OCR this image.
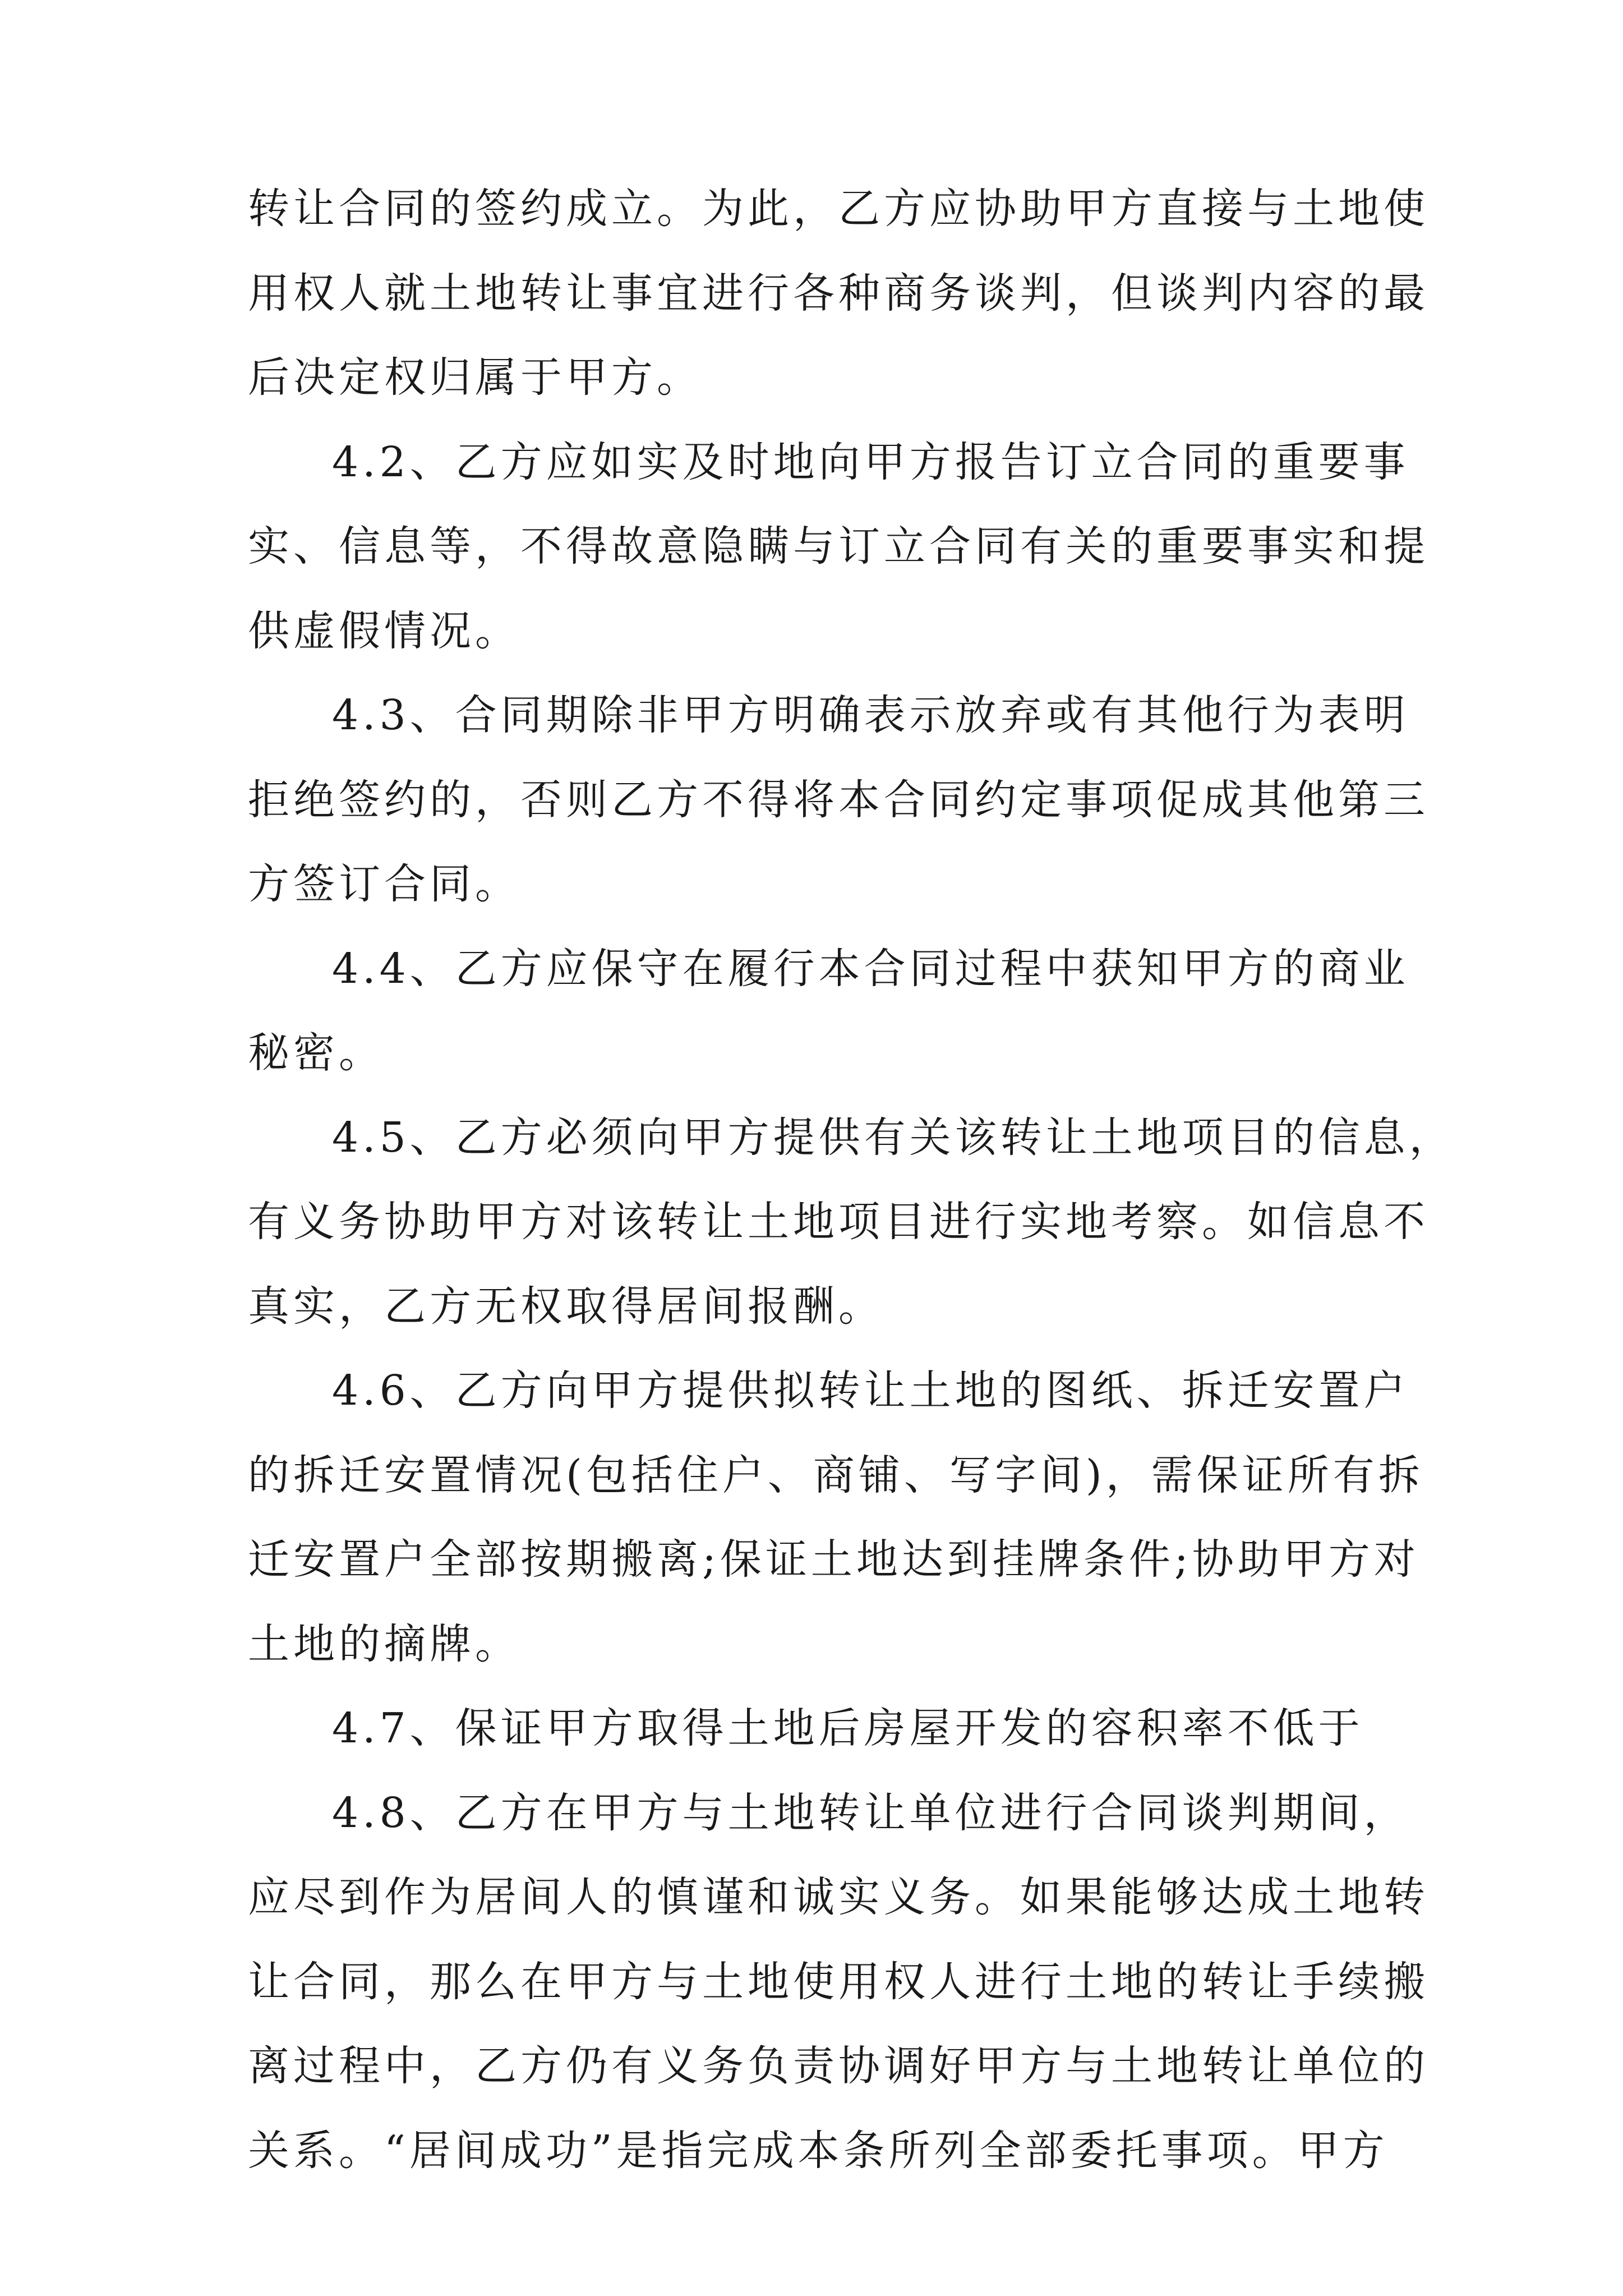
转让合同的签约成立。为此，乙方应协助甲方直接与土地使
用权人就土地转让事宜进行各种商务谈判，但谈判内容的最
后决定权归属于甲方。
4.2、乙方应如实及时地向甲方报告订立合同的重要事
实、信息等，不得故意隐瞒与订立合同有关的重要事实和提
供虚假情况。
4.3、合同期除非甲方明确表示放弃或有其他行为表明
拒绝签约的，否则乙方不得将本合同约定事项促成其他第三
方签订合同。
4.4、乙方应保守在履行本合同过程中获知甲方的商业
秘密。
4.5、乙方必须向甲方提供有关该转让土地项目的信息，
有义务协助甲方对该转让土地项目进行实地考察。如信息不
真实，乙方无权取得居间报酬。
4.6、乙方向甲方提供拟转让土地的图纸、拆迁安置户
的拆迁安置情况(包括住户、商铺、写字间)，需保证所有拆
迁安置户全部按期搬离;保证土地达到挂牌条件;协助甲方对
土地的摘牌。
4.7、保证甲方取得土地后房屋开发的容积率不低于
4.8、乙方在甲方与土地转让单位进行合同谈判期间，
应尽到作为居间人的慎谨和诚实义务。如果能够达成土地转
让合同，那么在甲方与土地使用权人进行土地的转让手续搬
离过程中，乙方仍有义务负责协调好甲方与土地转让单位的
关系。“居间成功”是指完成本条所列全部委托事项。甲方
